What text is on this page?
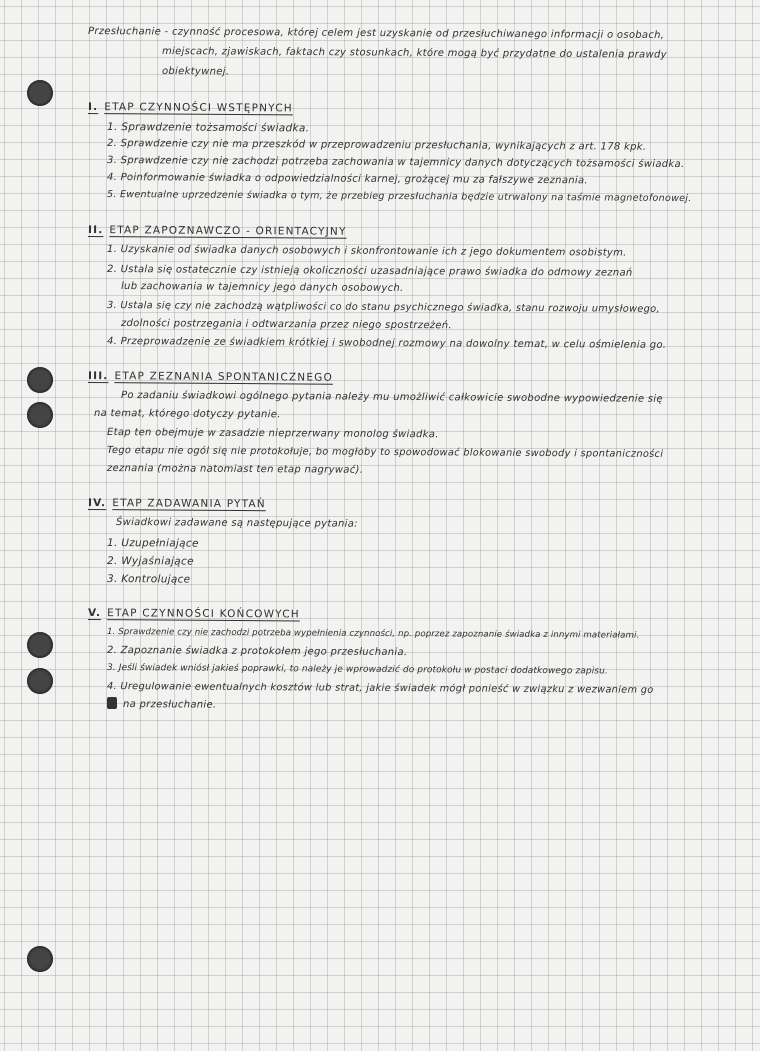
Przesłuchanie - czynność procesowa, której celem jest uzyskanie od przesłuchiwanego informacji o osobach,
miejscach, zjawiskach, faktach czy stosunkach, które mogą być przydatne do ustalenia prawdy
obiektywnej.
I. ETAP CZYNNOŚCI WSTĘPNYCH
1. Sprawdzenie tożsamości świadka.
2. Sprawdzenie czy nie ma przeszkód w przeprowadzeniu przesłuchania, wynikających z art. 178 kpk.
3. Sprawdzenie czy nie zachodzi potrzeba zachowania w tajemnicy danych dotyczących tożsamości świadka.
4. Poinformowanie świadka o odpowiedzialności karnej, grożącej mu za fałszywe zeznania.
5. Ewentualne uprzedzenie świadka o tym, że przebieg przesłuchania będzie utrwalony na taśmie magnetofonowej.
II. ETAP ZAPOZNAWCZO - ORIENTACYJNY
1. Uzyskanie od świadka danych osobowych i skonfrontowanie ich z jego dokumentem osobistym.
2. Ustala się ostatecznie czy istnieją okoliczności uzasadniające prawo świadka do odmowy zeznań
lub zachowania w tajemnicy jego danych osobowych.
3. Ustala się czy nie zachodzą wątpliwości co do stanu psychicznego świadka, stanu rozwoju umysłowego,
zdolności postrzegania i odtwarzania przez niego spostrzeżeń.
4. Przeprowadzenie ze świadkiem krótkiej i swobodnej rozmowy na dowolny temat, w celu ośmielenia go.
III. ETAP ZEZNANIA SPONTANICZNEGO
Po zadaniu świadkowi ogólnego pytania należy mu umożliwić całkowicie swobodne wypowiedzenie się
na temat, którego dotyczy pytanie.
Etap ten obejmuje w zasadzie nieprzerwany monolog świadka.
Tego etapu nie ogól się nie protokołuje, bo mogłoby to spowodować blokowanie swobody i spontaniczności
zeznania (można natomiast ten etap nagrywać).
IV. ETAP ZADAWANIA PYTAŃ
Świadkowi zadawane są następujące pytania:
1. Uzupełniające
2. Wyjaśniające
3. Kontrolujące
V. ETAP CZYNNOŚCI KOŃCOWYCH
1. Sprawdzenie czy nie zachodzi potrzeba wypełnienia czynności, np. poprzez zapoznanie świadka z innymi materiałami.
2. Zapoznanie świadka z protokołem jego przesłuchania.
3. Jeśli świadek wniósł jakieś poprawki, to należy je wprowadzić do protokołu w postaci dodatkowego zapisu.
4. Uregulowanie ewentualnych kosztów lub strat, jakie świadek mógł ponieść w związku z wezwaniem go
na przesłuchanie.
